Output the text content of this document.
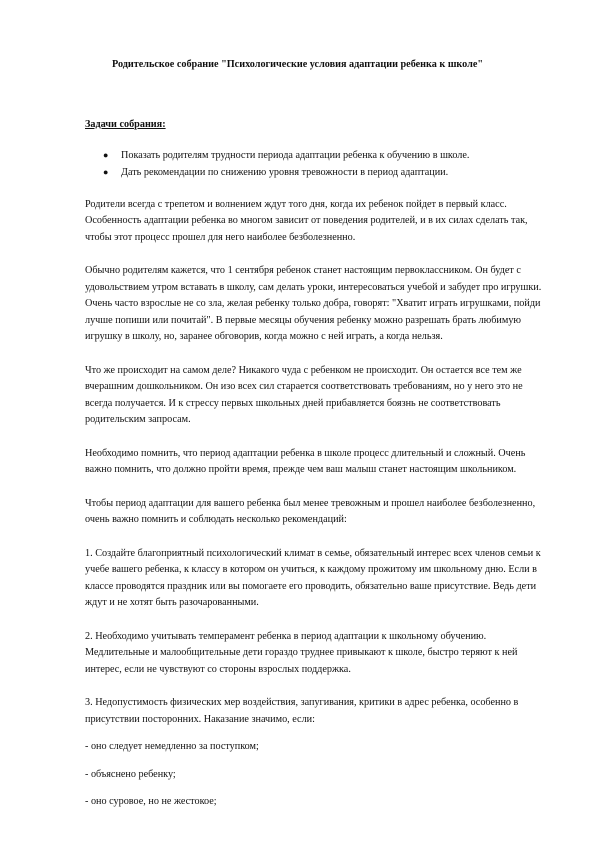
Родительское собрание "Психологические условия адаптации ребенка к школе"

Задачи собрания:

● Показать родителям трудности периода адаптации ребенка к обучению в школе.
● Дать рекомендации по снижению уровня тревожности в период адаптации.

Родители всегда с трепетом и волнением ждут того дня, когда их ребенок пойдет в первый класс. Особенность адаптации ребенка во многом зависит от поведения родителей, и в их силах сделать так, чтобы этот процесс прошел для него наиболее безболезненно.

Обычно родителям кажется, что 1 сентября ребенок станет настоящим первоклассником. Он будет с удовольствием утром вставать в школу, сам делать уроки, интересоваться учебой и забудет про игрушки. Очень часто взрослые не со зла, желая ребенку только добра, говорят: "Хватит играть игрушками, пойди лучше попиши или почитай". В первые месяцы обучения ребенку можно разрешать брать любимую игрушку в школу, но, заранее обговорив, когда можно с ней играть, а когда нельзя.

Что же происходит на самом деле? Никакого чуда с ребенком не происходит. Он остается все тем же вчерашним дошкольником. Он изо всех сил старается соответствовать требованиям, но у него это не всегда получается. И к стрессу первых школьных дней прибавляется боязнь не соответствовать родительским запросам.

Необходимо помнить, что период адаптации ребенка в школе процесс длительный и сложный. Очень важно помнить, что должно пройти время, прежде чем ваш малыш станет настоящим школьником.

Чтобы период адаптации для вашего ребенка был менее тревожным и прошел наиболее безболезненно, очень важно помнить и соблюдать несколько рекомендаций:

1. Создайте благоприятный психологический климат в семье, обязательный интерес всех членов семьи к учебе вашего ребенка, к классу в котором он учиться, к каждому прожитому им школьному дню. Если в классе проводятся праздник или вы помогаете его проводить, обязательно ваше присутствие. Ведь дети ждут и не хотят быть разочарованными.

2. Необходимо учитывать темперамент ребенка в период адаптации к школьному обучению. Медлительные и малообщительные дети гораздо труднее привыкают к школе, быстро теряют к ней интерес, если не чувствуют со стороны взрослых поддержка.

3. Недопустимость физических мер воздействия, запугивания, критики в адрес ребенка, особенно в присутствии посторонних. Наказание значимо, если:

- оно следует немедленно за поступком;

- объяснено ребенку;

- оно суровое, но не жестокое;
